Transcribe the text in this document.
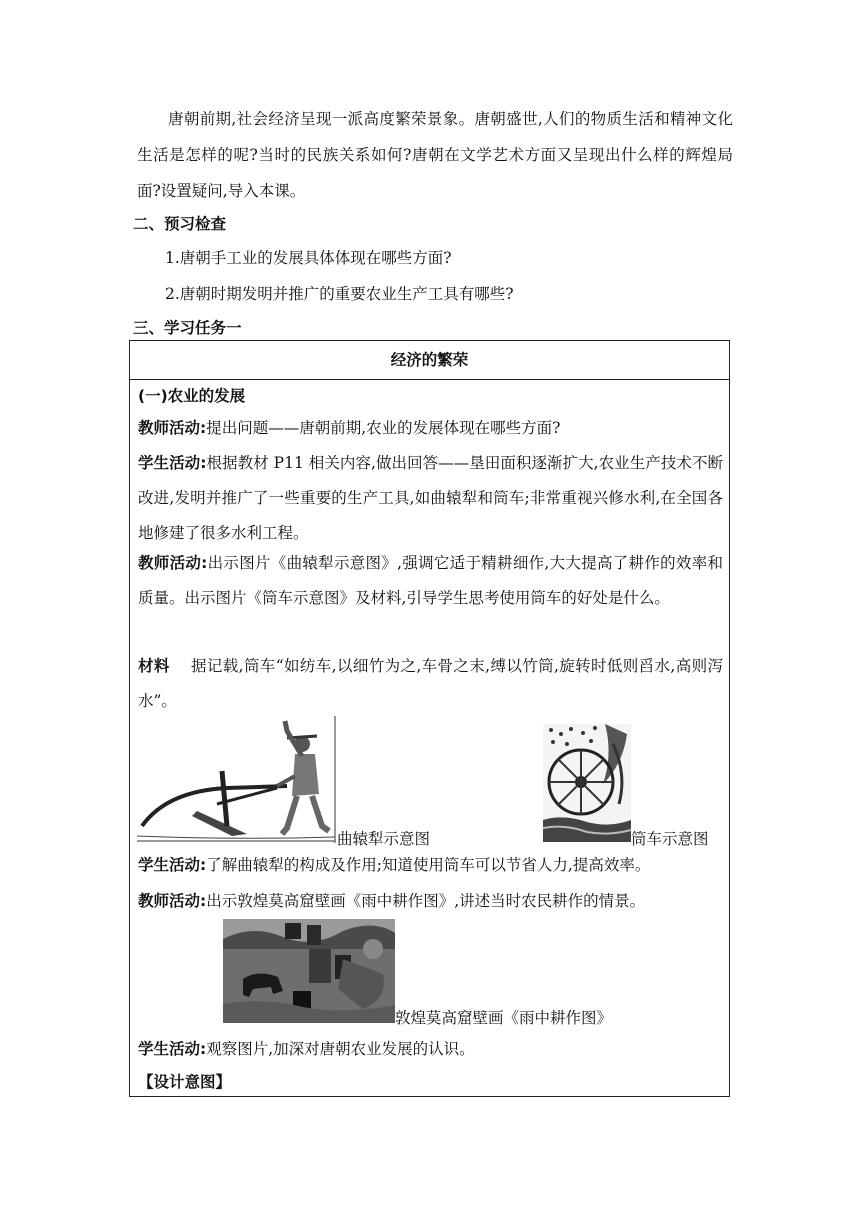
唐朝前期,社会经济呈现一派高度繁荣景象。唐朝盛世,人们的物质生活和精神文化生活是怎样的呢?当时的民族关系如何?唐朝在文学艺术方面又呈现出什么样的辉煌局面?设置疑问,导入本课。
二、预习检查
1.唐朝手工业的发展具体体现在哪些方面?
2.唐朝时期发明并推广的重要农业生产工具有哪些?
三、学习任务一
经济的繁荣
(一)农业的发展
教师活动:提出问题——唐朝前期,农业的发展体现在哪些方面?
学生活动:根据教材 P11 相关内容,做出回答——垦田面积逐渐扩大,农业生产技术不断改进,发明并推广了一些重要的生产工具,如曲辕犁和筒车;非常重视兴修水利,在全国各地修建了很多水利工程。
教师活动:出示图片《曲辕犁示意图》,强调它适于精耕细作,大大提高了耕作的效率和质量。出示图片《筒车示意图》及材料,引导学生思考使用筒车的好处是什么。
材料 据记载,筒车“如纺车,以细竹为之,车骨之末,缚以竹筒,旋转时低则舀水,高则泻水”。
曲辕犁示意图	筒车示意图
学生活动:了解曲辕犁的构成及作用;知道使用筒车可以节省人力,提高效率。
教师活动:出示敦煌莫高窟壁画《雨中耕作图》,讲述当时农民耕作的情景。
敦煌莫高窟壁画《雨中耕作图》
学生活动:观察图片,加深对唐朝农业发展的认识。
【设计意图】
